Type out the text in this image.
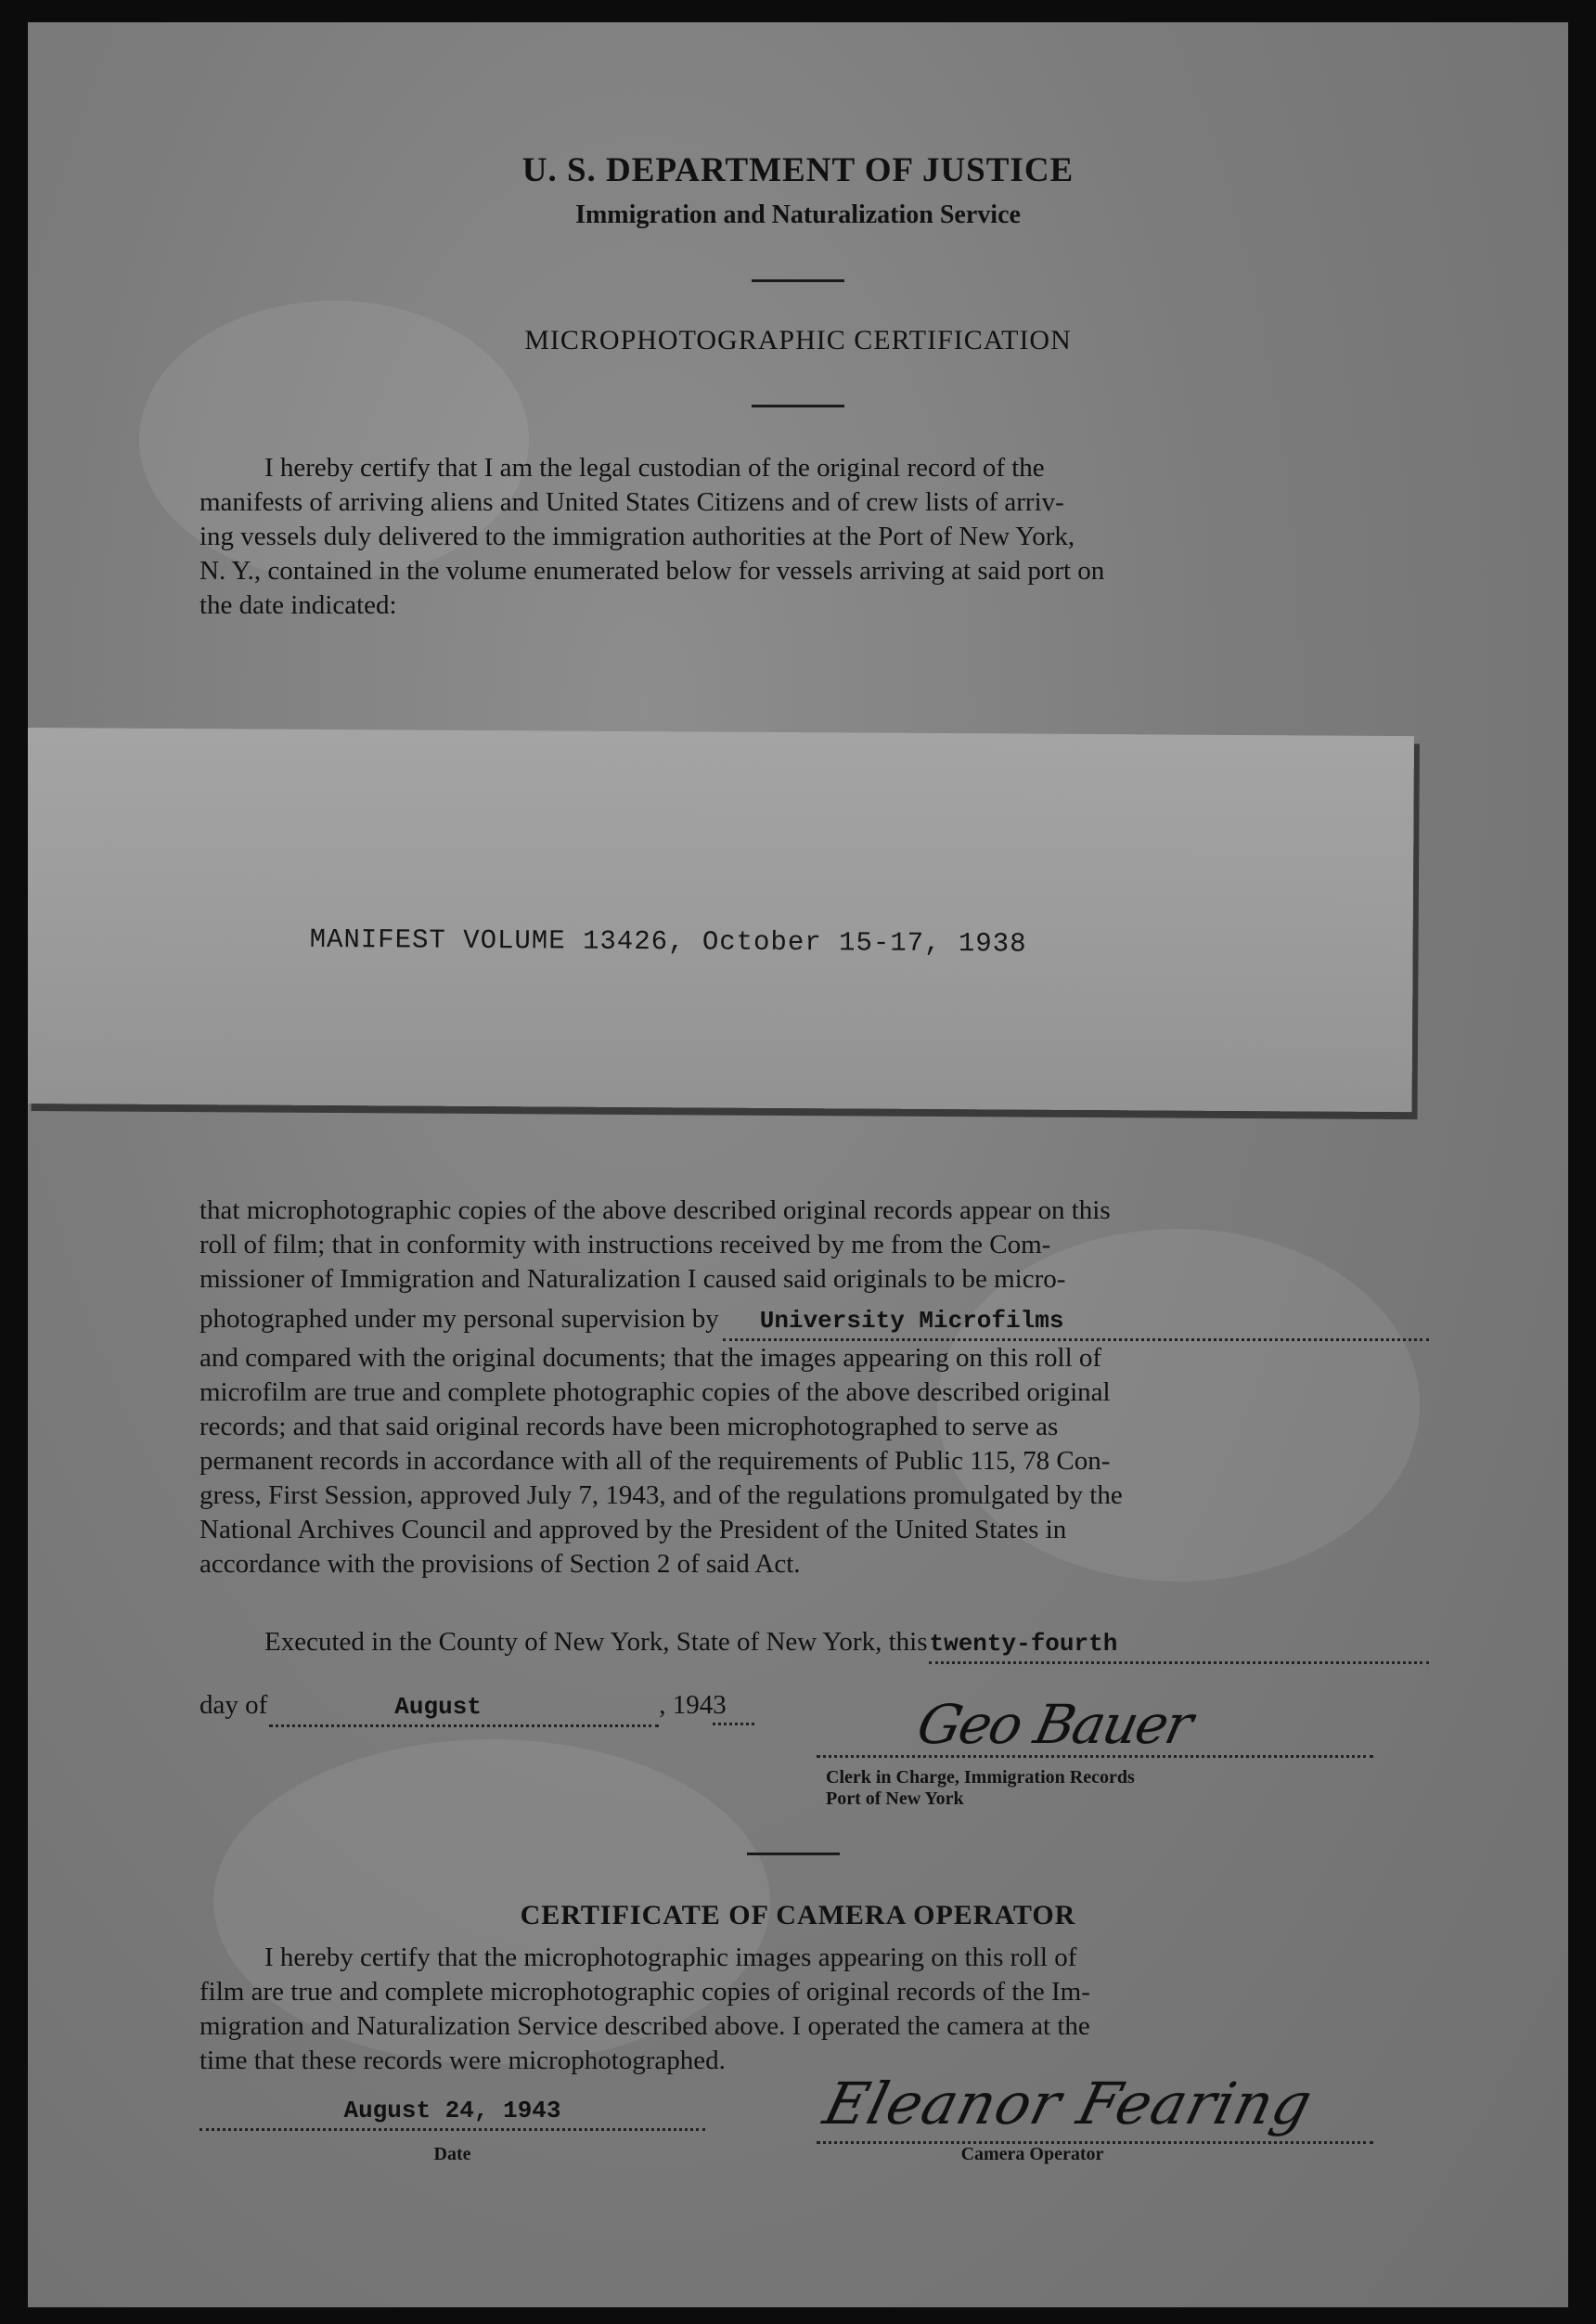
U. S. DEPARTMENT OF JUSTICE
Immigration and Naturalization Service
MICROPHOTOGRAPHIC CERTIFICATION
I hereby certify that I am the legal custodian of the original record of the
manifests of arriving aliens and United States Citizens and of crew lists of arriv-
ing vessels duly delivered to the immigration authorities at the Port of New York,
N. Y., contained in the volume enumerated below for vessels arriving at said port on
the date indicated:
MANIFEST VOLUME 13426, October 15-17, 1938
that microphotographic copies of the above described original records appear on this
roll of film; that in conformity with instructions received by me from the Com-
missioner of Immigration and Naturalization I caused said originals to be micro-
photographed under my personal supervision by	University Microfilms
and compared with the original documents; that the images appearing on this roll of
microfilm are true and complete photographic copies of the above described original
records; and that said original records have been microphotographed to serve as
permanent records in accordance with all of the requirements of Public 115, 78 Con-
gress, First Session, approved July 7, 1943, and of the regulations promulgated by the
National Archives Council and approved by the President of the United States in
accordance with the provisions of Section 2 of said Act.
Executed in the County of New York, State of New York, this twenty-fourth
day of	August	, 194 3	Geo Bauer
Clerk in Charge, Immigration Records
Port of New York
CERTIFICATE OF CAMERA OPERATOR
I hereby certify that the microphotographic images appearing on this roll of
film are true and complete microphotographic copies of original records of the Im-
migration and Naturalization Service described above. I operated the camera at the
time that these records were microphotographed.
August 24, 1943
Date
Eleanor Fearing
Camera Operator
